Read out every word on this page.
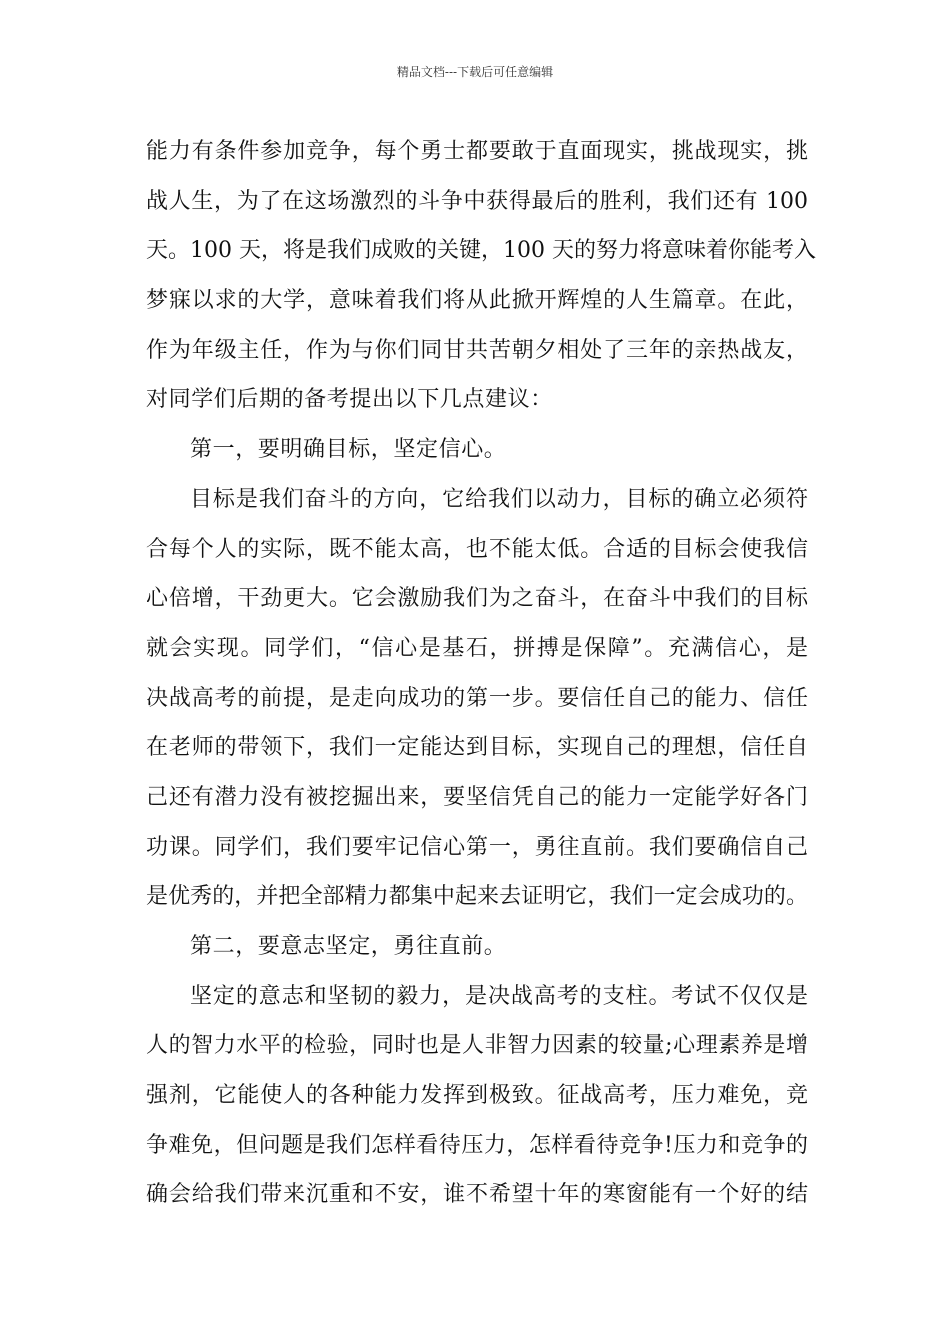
精品文档---下载后可任意编辑
能力有条件参加竞争，每个勇士都要敢于直面现实，挑战现实，挑
战人生，为了在这场激烈的斗争中获得最后的胜利，我们还有 100
天。100 天，将是我们成败的关键，100 天的努力将意味着你能考入
梦寐以求的大学，意味着我们将从此掀开辉煌的人生篇章。在此，
作为年级主任，作为与你们同甘共苦朝夕相处了三年的亲热战友，
对同学们后期的备考提出以下几点建议：
第一，要明确目标，坚定信心。
目标是我们奋斗的方向，它给我们以动力，目标的确立必须符
合每个人的实际，既不能太高，也不能太低。合适的目标会使我信
心倍增，干劲更大。它会激励我们为之奋斗，在奋斗中我们的目标
就会实现。同学们，“信心是基石，拼搏是保障”。充满信心，是
决战高考的前提，是走向成功的第一步。要信任自己的能力、信任
在老师的带领下，我们一定能达到目标，实现自己的理想，信任自
己还有潜力没有被挖掘出来，要坚信凭自己的能力一定能学好各门
功课。同学们，我们要牢记信心第一，勇往直前。我们要确信自己
是优秀的，并把全部精力都集中起来去证明它，我们一定会成功的。
第二，要意志坚定，勇往直前。
坚定的意志和坚韧的毅力，是决战高考的支柱。考试不仅仅是
人的智力水平的检验，同时也是人非智力因素的较量;心理素养是增
强剂，它能使人的各种能力发挥到极致。征战高考，压力难免，竞
争难免，但问题是我们怎样看待压力，怎样看待竞争!压力和竞争的
确会给我们带来沉重和不安，谁不希望十年的寒窗能有一个好的结
